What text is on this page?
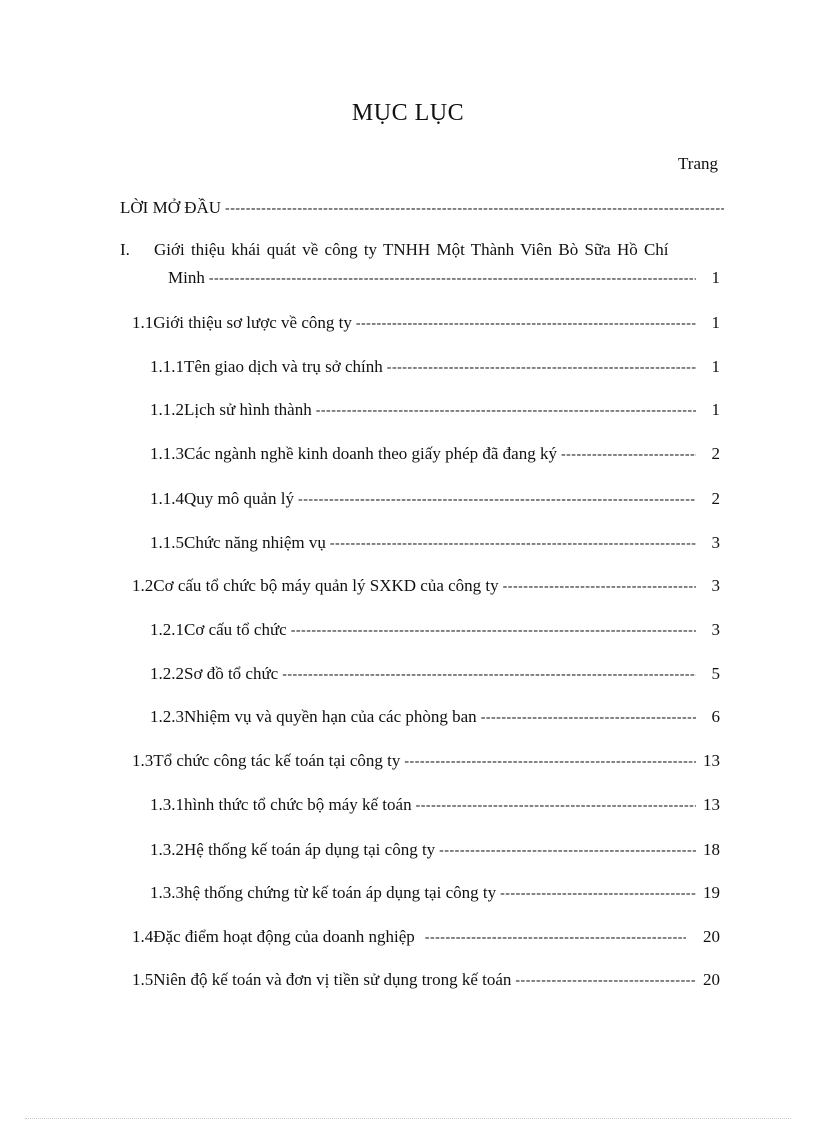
MỤC LỤC
Trang
LỜI MỞ ĐẦU
-----
I.	Giới thiệu khái quát về công ty TNHH Một Thành Viên Bò Sữa Hồ Chí
Minh -----	1
1.1 Giới thiệu sơ lược về công ty -----	1
1.1.1 Tên giao dịch và trụ sở chính -----	1
1.1.2 Lịch sử hình thành -----	1
1.1.3 Các ngành nghề kinh doanh theo giấy phép đã đang ký -----	2
1.1.4 Quy mô quản lý -----	2
1.1.5 Chức năng nhiệm vụ -----	3
1.2 Cơ cấu tổ chức bộ máy quản lý SXKD của công ty -----	3
1.2.1 Cơ cấu tổ chức -----	3
1.2.2 Sơ đồ tổ chức -----	5
1.2.3 Nhiệm vụ và quyền hạn của các phòng ban -----	6
1.3 Tổ chức công tác kế toán tại công ty -----	13
1.3.1 hình thức tổ chức bộ máy kế toán -----	13
1.3.2 Hệ thống kế toán áp dụng tại công ty -----	18
1.3.3 hệ thống chứng từ kế toán áp dụng tại công ty -----	19
1.4 Đặc điểm hoạt động của doanh nghiệp -----	20
1.5 Niên độ kế toán và đơn vị tiền sử dụng trong kế toán -----	20
